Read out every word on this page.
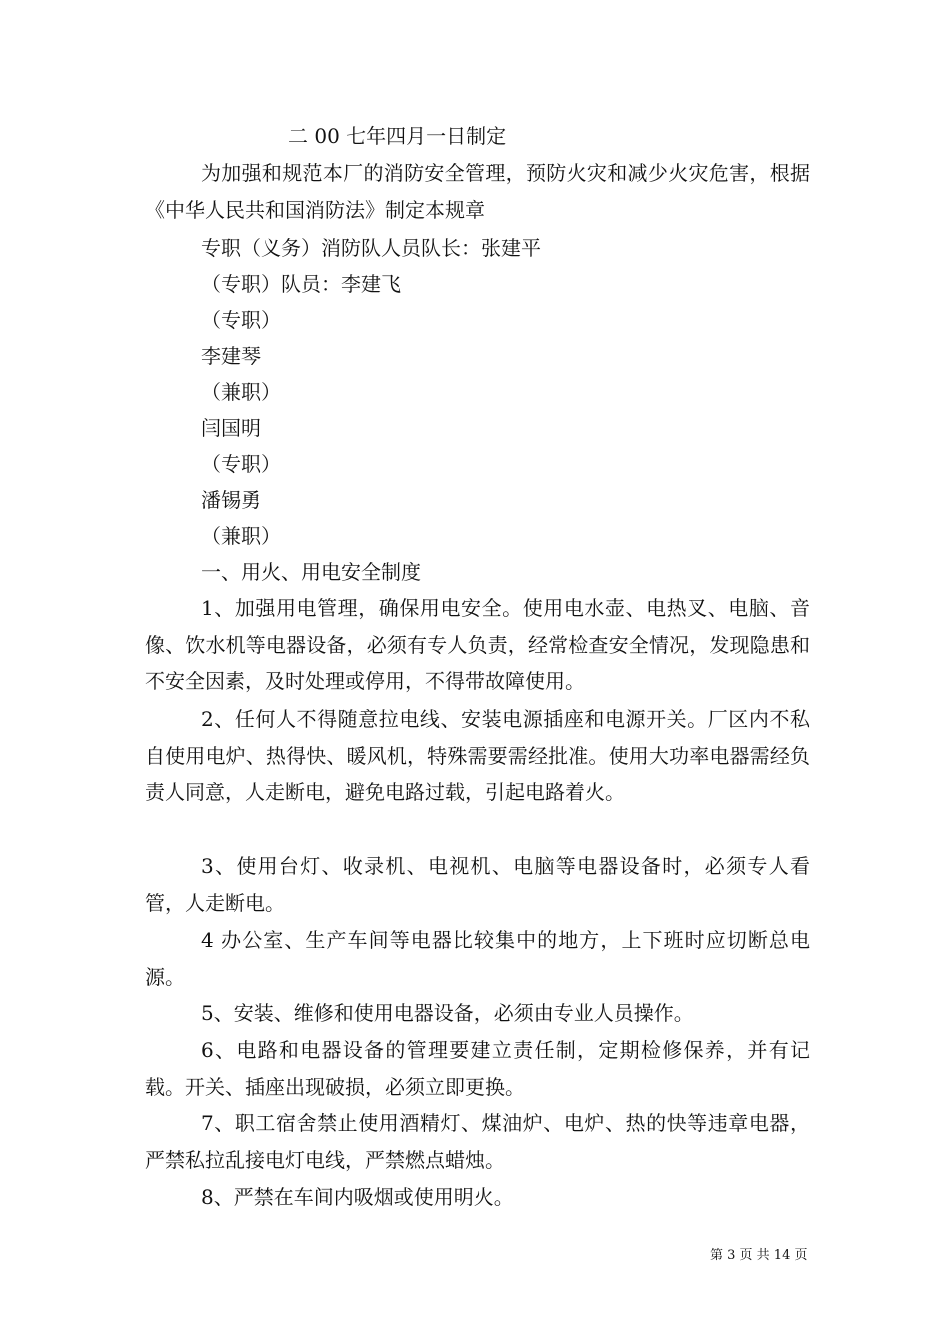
二 00 七年四月一日制定
为加强和规范本厂的消防安全管理，预防火灾和减少火灾危害，根据《中华人民共和国消防法》制定本规章
专职（义务）消防队人员队长：张建平
（专职）队员：李建飞
（专职）
李建琴
（兼职）
闫国明
（专职）
潘锡勇
（兼职）
一、用火、用电安全制度
1、加强用电管理，确保用电安全。使用电水壶、电热叉、电脑、音像、饮水机等电器设备，必须有专人负责，经常检查安全情况，发现隐患和不安全因素，及时处理或停用，不得带故障使用。
2、任何人不得随意拉电线、安装电源插座和电源开关。厂区内不私自使用电炉、热得快、暖风机，特殊需要需经批准。使用大功率电器需经负责人同意，人走断电，避免电路过载，引起电路着火。
3、使用台灯、收录机、电视机、电脑等电器设备时，必须专人看管，人走断电。
4 办公室、生产车间等电器比较集中的地方，上下班时应切断总电源。
5、安装、维修和使用电器设备，必须由专业人员操作。
6、电路和电器设备的管理要建立责任制，定期检修保养，并有记载。开关、插座出现破损，必须立即更换。
7、职工宿舍禁止使用酒精灯、煤油炉、电炉、热的快等违章电器，严禁私拉乱接电灯电线，严禁燃点蜡烛。
8、严禁在车间内吸烟或使用明火。
第 3 页 共 14 页
